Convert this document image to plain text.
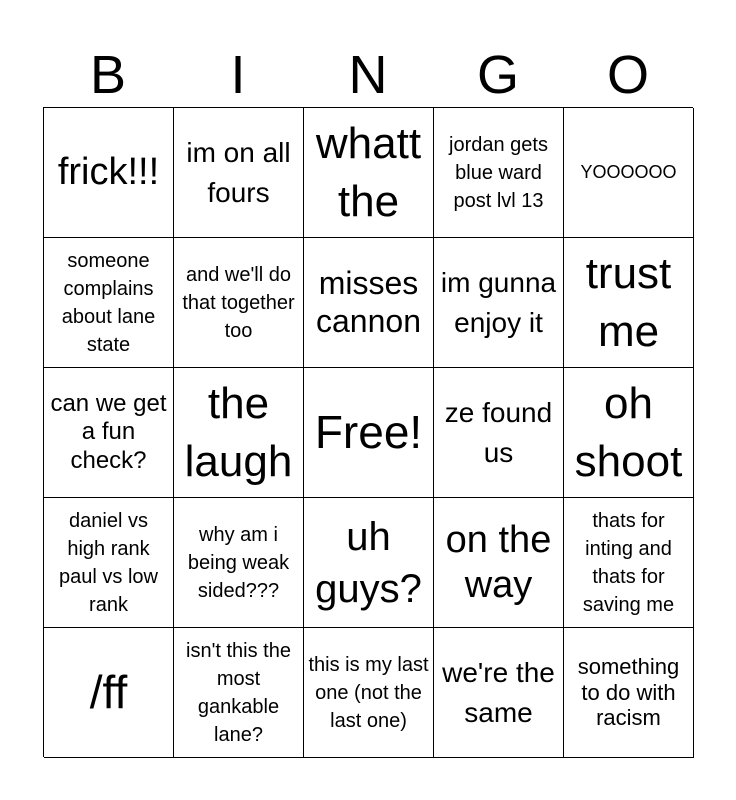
B	I	N	G	O
frick!!! im on all fours
whatt the
jordan gets blue ward post lvl 13
YOOOOOO
someone complains about lane state
and we'll do that together too
misses cannon
im gunna enjoy it
trust me
can we get a fun check?
the laugh
Free! ze found us
oh shoot
daniel vs high rank paul vs low rank
why am i being weak sided???
uh guys?
on the way
thats for inting and thats for saving me
/ff
isn't this the most gankable lane?
this is my last one (not the last one)
we're the same
something to do with racism
